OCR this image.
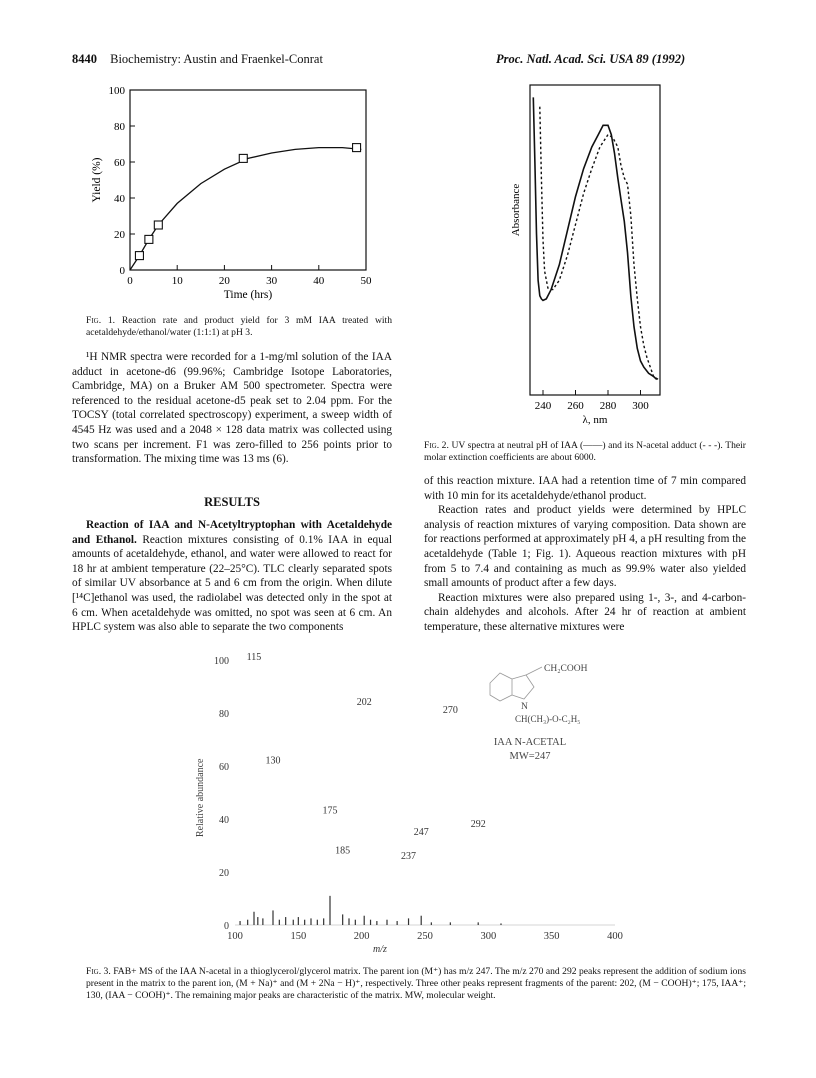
8440 Biochemistry: Austin and Fraenkel-Conrat	Proc. Natl. Acad. Sci. USA 89 (1992)
0	10	20	30	40	50
0
20
40
60
80
100
Time (hrs)
Yield (%)
Fig. 1. Reaction rate and product yield for 3 mM IAA treated with acetaldehyde/ethanol/water (1:1:1) at pH 3.

¹H NMR spectra were recorded for a 1-mg/ml solution of the IAA adduct in acetone-d6 (99.96%; Cambridge Isotope Laboratories, Cambridge, MA) on a Bruker AM 500 spectrometer. Spectra were referenced to the residual acetone-d5 peak set to 2.04 ppm. For the TOCSY (total correlated spectroscopy) experiment, a sweep width of 4545 Hz was used and a 2048 × 128 data matrix was collected using two scans per increment. F1 was zero-filled to 256 points prior to transformation. The mixing time was 13 ms (6).

RESULTS

Reaction of IAA and N-Acetyltryptophan with Acetaldehyde and Ethanol. Reaction mixtures consisting of 0.1% IAA in equal amounts of acetaldehyde, ethanol, and water were allowed to react for 18 hr at ambient temperature (22–25°C). TLC clearly separated spots of similar UV absorbance at 5 and 6 cm from the origin. When dilute [¹⁴C]ethanol was used, the radiolabel was detected only in the spot at 6 cm. When acetaldehyde was omitted, no spot was seen at 6 cm. An HPLC system was also able to separate the two components

240 260 280 300
λ, nm
Absorbance
Fig. 2. UV spectra at neutral pH of IAA (——) and its N-acetal adduct (- - -). Their molar extinction coefficients are about 6000.

of this reaction mixture. IAA had a retention time of 7 min compared with 10 min for its acetaldehyde/ethanol product.

Reaction rates and product yields were determined by HPLC analysis of reaction mixtures of varying composition. Data shown are for reactions performed at approximately pH 4, a pH resulting from the acetaldehyde (Table 1; Fig. 1). Aqueous reaction mixtures with pH from 5 to 7.4 and containing as much as 99.9% water also yielded small amounts of product after a few days.

Reaction mixtures were also prepared using 1-, 3-, and 4-carbon-chain aldehydes and alcohols. After 24 hr of reaction at ambient temperature, these alternative mixtures were

0
20
40
60
80
100
100	150	200	250	300	350	400
m/z
Relative abundance
115
202
130
175
185	237
247
292
270
CH₂COOH
N
CH(CH₃)-O-C₂H₅
IAA N-ACETAL
MW=247
Fig. 3. FAB+ MS of the IAA N-acetal in a thioglycerol/glycerol matrix. The parent ion (M⁺) has m/z 247. The m/z 270 and 292 peaks represent the addition of sodium ions present in the matrix to the parent ion, (M + Na)⁺ and (M + 2Na − H)⁺, respectively. Three other peaks represent fragments of the parent: 202, (M − COOH)⁺; 175, IAA⁺; 130, (IAA − COOH)⁺. The remaining major peaks are characteristic of the matrix. MW, molecular weight.
